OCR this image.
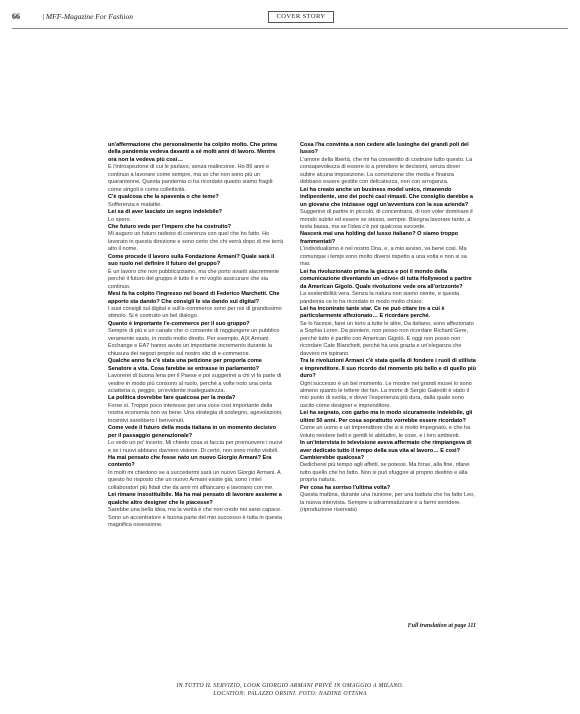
66	| MFF-Magazine For Fashion	COVER STORY

un'affermazione che personalmente ha colpito molto. Che prima della pandemia vedeva davanti a sé molti anni di lavoro. Mentre ora non la vedeva più così…

E l'introspezione di cui le parlavo, senza malinconie. Ho 86 anni e continuo a lavorare come sempre, ma so che non sono più un quarantenne. Questa pandemia ci ha ricordato quanto siamo fragili: come singoli e come collettività.

C'è qualcosa che la spaventa o che teme?

Sofferenza e malattie.

Lei sa di aver lasciato un segno indelebile?

Lo spero.

Che futuro vede per l'impero che ha costruito?

Mi auguro un futuro radioso di coerenza con quel che ho fatto. Ho lavorato in questa direzione e sono certo che chi verrà dopo di me terrà alto il nome.

Come procede il lavoro sulla Fondazione Armani? Quale sarà il suo ruolo nel definire il futuro del gruppo?

È un lavoro che non pubblicizziamo, ma che porto avanti alacremente perché il futuro del gruppo è tutto lì e mi voglio assicurare che sia continuo.

Mesi fa ha colpito l'ingresso nel board di Federico Marchetti. Che apporto sta dando? Che consigli le sta dando sul digital?

I suoi consigli sul digital e sull'e-commerce sono per noi di grandissimo stimolo. Si è costruito un bel dialogo.

Quanto è importante l'e-commerce per il suo gruppo?

Sempre di più e un canale che ci consente di raggiungere un pubblico veramente vasto, in modo molto diretto. Per esempio, A|X Armani Exchange e EA7 hanno avuto un importante incremento durante la chiusura dei negozi proprio sul nostro sito di e-commerce.

Qualche anno fa c'è stata una petizione per proporla come Senatore a vita. Cosa farebbe se entrasse in parlamento?

Lavorerei di buona lena per il Paese e poi suggerirei a chi vi fa parte di vestire in modo più consono al ruolo, perché a volte noto una certa sciatteria o, peggio, un'evidente inadeguatezza.

La politica dovrebbe fare qualcosa per la moda?

Forse sì. Troppo poco interesse per una voce così importante della nostra economia non va bene. Una strategia di sostegno, agevolazioni, incentivi sarebbero i benvenuti.

Come vede il futuro della moda italiana in un momento decisivo per il passaggio generazionale?

Lo vedo un po' incerto. Mi chiedo cosa si faccia per promuovere i nuovi e se i nuovi abbiano davvero visione. Di certo, non sono molto visibili.

Ha mai pensato che fosse nato un nuovo Giorgio Armani? Era contento?

In molti mi chiedono se a succedermi sarà un nuovo Giorgio Armani. A questo ho risposto che un nuovo Armani esiste già, sono i miei collaboratori più fidati che da anni mi affiancano e lavorano con me.

Lei rimane insostituibile. Ma ha mai pensato di lavorare assieme a qualche altro designer che le piacesse?

Sarebbe una bella idea, ma la verità è che non credo nei sarei capace. Sono un accentratore e buona parte del mio successo è tutta in questa magnifica ossessione.

Cosa l'ha convinta a non cedere alle lusinghe dei grandi poli del lusso?

L'amore della libertà, che mi ha consentito di costruire tutto questo. La consapevolezza di essere io a prendere le decisioni, senza dover subire alcuna imposizione. La convinzione che moda e finanza debbano essere gestite con delicatezza, non con arroganza.

Lei ha creato anche un business model unico, rimanendo indipendente, uno dei pochi casi rimasti. Che consiglio darebbe a un giovane che iniziasse oggi un'avventura con la sua azienda?

Suggerirei di partire in piccolo, di concentrarsi, di non voler dominare il mondo subito ed essere se stesso, sempre. Bisogna lavorare tanto, a testa bassa, ma se l'idea c'è poi qualcosa succede.

Nascerà mai una holding del lusso italiano? O siamo troppo frammentati?

L'individualismo è nel nostro Dna, e, a mio avviso, va bene così. Ma comunque i tempi sono molto diversi rispetto a una volta e non si sa mai.

Lei ha rivoluzionato prima la giacca e poi il mondo della comunicazione diventando un «divo» di tutta Hollywood a partire da American Gigolò. Quale rivoluzione vede ora all'orizzonte?

La sostenibilità vera. Senza la natura non siamo niente, e questa pandemia ce lo ha ricordato in modo molto chiaro.

Lei ha incontrato tante star. Ce ne può citare tre a cui è particolarmente affezionato… E ricordare perché.

Se lo facessi, farei un torto a tutte le altre. Da italiano, sono affezionato a Sophia Loren. Da pioniere, non posso non ricordare Richard Gere, perché tutto è partito con American Gigolò. E oggi non posso non ricordare Cate Blanchett, perché ha una grazia e un'eleganza che davvero mi ispirano.

Tra le rivoluzioni Armani c'è stata quella di fondere i ruoli di stilista e imprenditore. Il suo ricordo del momento più bello e di quello più duro?

Ogni successo è un bel momento. Le mostre nei grandi musei lo sono almeno quanto le lettere dei fan. La morte di Sergio Galeotti è stato il mio punto di svolta, e dover l'esperienza più dura, dalla quale sono uscito come designer e imprenditore.

Lei ha segnato, con garbo ma in modo sicuramente indelebile, gli ultimi 50 anni. Per cosa soprattutto vorrebbe essere ricordato?

Come un uomo e un imprenditore che si è molto impegnato, e che ha voluto rendere belli e gentili le abitudini, le cose, e i loro ambienti.

In un'intervista in televisione aveva affermato che rimpiangeva di aver dedicato tutto il tempo della sua vita al lavoro… E così? Cambierebbe qualcosa?

Dedicherei più tempo agli affetti, se potessi. Ma forse, alla fine, rifarei tutto quello che ho fatto. Non si può sfuggire al proprio destino e alla propria natura.

Per cosa ha sorriso l'ultima volta?

Questa mattina, durante una riunione, per una battuta che ha fatto Leo, la nuova intervista. Sempre a sdrammatizzare e a farmi sorridere. (riproduzione riservata)

Full translation at page 111
IN TUTTO IL SERVIZIO, LOOK GIORGIO ARMANI PRIVÉ IN OMAGGIO A MILANO.
LOCATION: PALAZZO ORSINI. FOTO: NADINE OTTAWA
